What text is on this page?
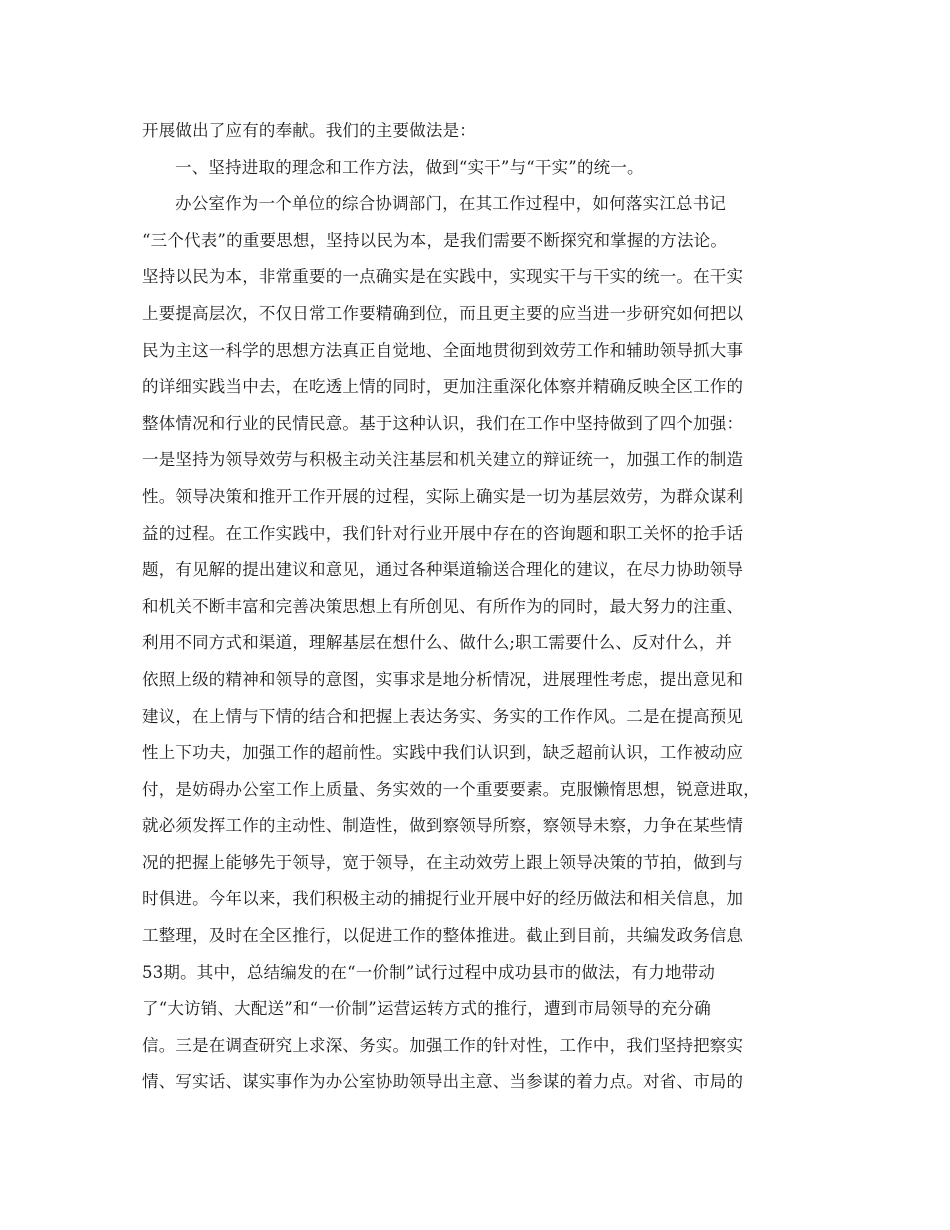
开展做出了应有的奉献。我们的主要做法是：
一、坚持进取的理念和工作方法，做到“实干”与“干实”的统一。
办公室作为一个单位的综合协调部门，在其工作过程中，如何落实江总书记
“三个代表”的重要思想，坚持以民为本，是我们需要不断探究和掌握的方法论。
坚持以民为本，非常重要的一点确实是在实践中，实现实干与干实的统一。在干实
上要提高层次，不仅日常工作要精确到位，而且更主要的应当进一步研究如何把以
民为主这一科学的思想方法真正自觉地、全面地贯彻到效劳工作和辅助领导抓大事
的详细实践当中去，在吃透上情的同时，更加注重深化体察并精确反映全区工作的
整体情况和行业的民情民意。基于这种认识，我们在工作中坚持做到了四个加强：
一是坚持为领导效劳与积极主动关注基层和机关建立的辩证统一，加强工作的制造
性。领导决策和推开工作开展的过程，实际上确实是一切为基层效劳，为群众谋利
益的过程。在工作实践中，我们针对行业开展中存在的咨询题和职工关怀的抢手话
题，有见解的提出建议和意见，通过各种渠道输送合理化的建议，在尽力协助领导
和机关不断丰富和完善决策思想上有所创见、有所作为的同时，最大努力的注重、
利用不同方式和渠道，理解基层在想什么、做什么;职工需要什么、反对什么，并
依照上级的精神和领导的意图，实事求是地分析情况，进展理性考虑，提出意见和
建议，在上情与下情的结合和把握上表达务实、务实的工作作风。二是在提高预见
性上下功夫，加强工作的超前性。实践中我们认识到，缺乏超前认识，工作被动应
付，是妨碍办公室工作上质量、务实效的一个重要要素。克服懒惰思想，锐意进取，
就必须发挥工作的主动性、制造性，做到察领导所察，察领导未察，力争在某些情
况的把握上能够先于领导，宽于领导，在主动效劳上跟上领导决策的节拍，做到与
时俱进。今年以来，我们积极主动的捕捉行业开展中好的经历做法和相关信息，加
工整理，及时在全区推行，以促进工作的整体推进。截止到目前，共编发政务信息
53期。其中，总结编发的在“一价制”试行过程中成功县市的做法，有力地带动
了“大访销、大配送”和“一价制”运营运转方式的推行，遭到市局领导的充分确
信。三是在调查研究上求深、务实。加强工作的针对性，工作中，我们坚持把察实
情、写实话、谋实事作为办公室协助领导出主意、当参谋的着力点。对省、市局的
